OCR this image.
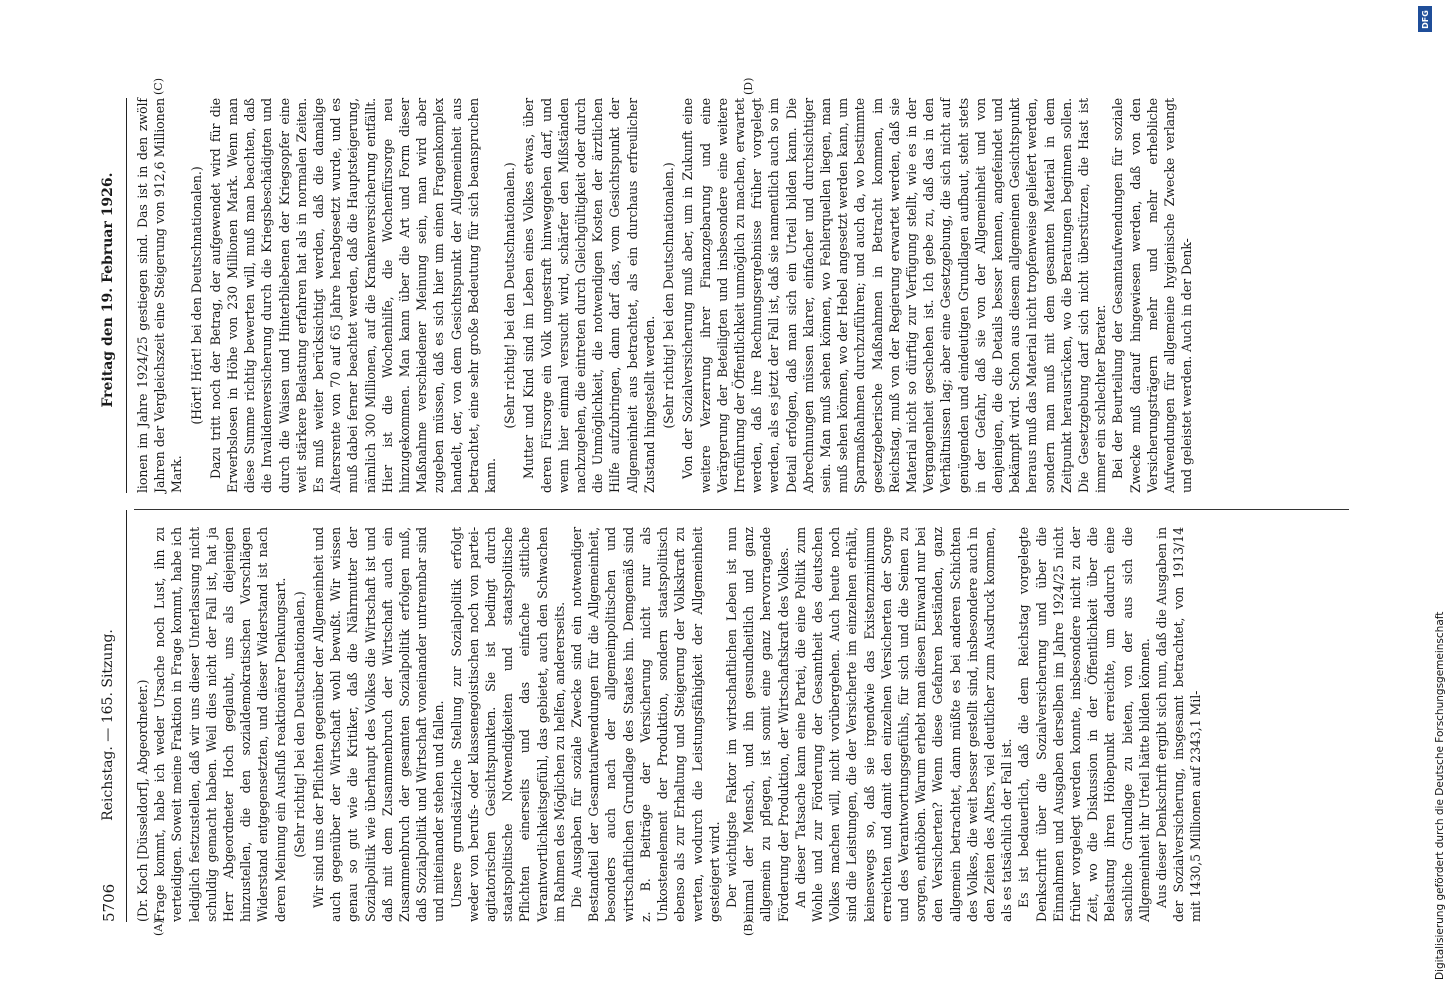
5706
Reichstag. — 165. Sitzung.
Freitag den 19. Februar 1926.
(A)	(B)
(C)	(D)

(Dr. Koch [Düsseldorf], Abgeordneter.) Frage kommt, habe ich weder Ursache noch Lust, ihn zu verteidigen. Soweit meine Fraktion in Frage kommt, habe ich lediglich festzustellen, daß wir uns dieser Unterlassung nicht schuldig gemacht haben. Weil dies nicht der Fall ist, hat ja Herr Abgeordneter Hoch geglaubt, uns als diejenigen hinzustellen, die den sozialdemokratischen Vorschlägen Widerstand entgegensetzten, und dieser Widerstand ist nach deren Meinung ein Ausfluß reaktionärer Denkungsart. (Sehr richtig! bei den Deutschnationalen.) Wir sind uns der Pflichten gegenüber der Allgemeinheit und auch gegenüber der Wirtschaft wohl bewußt. Wir wissen genau so gut wie die Kritiker, daß die Nährmutter der Sozialpolitik wie überhaupt des Volkes die Wirtschaft ist und daß mit dem Zusammenbruch der Wirtschaft auch ein Zusammenbruch der gesamten Sozialpolitik erfolgen muß, daß Sozialpolitik und Wirtschaft voneinander untrennbar sind und miteinander stehen und fallen. Unsere grundsätzliche Stellung zur Sozialpolitik erfolgt weder von berufs- oder klassenegoistischen noch von partei-agitatorischen Gesichtspunkten. Sie ist bedingt durch staatspolitische Notwendigkeiten und staatspolitische Pflichten einerseits und das einfache sittliche Verantwortlichkeitsgefühl, das gebietet, auch den Schwachen im Rahmen des Möglichen zu helfen, andererseits. Die Ausgaben für soziale Zwecke sind ein notwendiger Bestandteil der Gesamtaufwendungen für die Allgemeinheit, besonders auch nach der allgemeinpolitischen und wirtschaftlichen Grundlage des Staates hin. Demgemäß sind z. B. Beiträge der Versicherung nicht nur als Unkostenelement der Produktion, sondern staatspolitisch ebenso als zur Erhaltung und Steigerung der Volkskraft zu werten, wodurch die Leistungsfähigkeit der Allgemeinheit gesteigert wird. Der wichtigste Faktor im wirtschaftlichen Leben ist nun einmal der Mensch, und ihn gesundheitlich und ganz allgemein zu pflegen, ist somit eine ganz hervorragende Förderung der Produktion, der Wirtschaftskraft des Volkes. An dieser Tatsache kann eine Partei, die eine Politik zum Wohle und zur Förderung der Gesamtheit des deutschen Volkes machen will, nicht vorübergehen. Auch heute noch sind die Leistungen, die der Versicherte im einzelnen erhält, keineswegs so, daß sie irgendwie das Existenzminimum erreichten und damit den einzelnen Versicherten der Sorge und des Verantwortungsgefühls, für sich und die Seinen zu sorgen, enthöben. Warum erhebt man diesen Einwand nur bei den Versicherten? Wenn diese Gefahren beständen, ganz allgemein betrachtet, dann müßte es bei anderen Schichten des Volkes, die weit besser gestellt sind, insbesondere auch in den Zeiten des Alters, viel deutlicher zum Ausdruck kommen, als es tatsächlich der Fall ist. Es ist bedauerlich, daß die dem Reichstag vorgelegte Denkschrift über die Sozialversicherung und über die Einnahmen und Ausgaben derselben im Jahre 1924/25 nicht früher vorgelegt werden konnte, insbesondere nicht zu der Zeit, wo die Diskussion in der Öffentlichkeit über die Belastung ihren Höhepunkt erreichte, um dadurch eine sachliche Grundlage zu bieten, von der aus sich die Allgemeinheit ihr Urteil hätte bilden können. Aus dieser Denkschrift ergibt sich nun, daß die Ausgaben in der Sozialversicherung, insgesamt betrachtet, von 1913/14 mit 1430,5 Millionen auf 2343,1 Mil-

lionen im Jahre 1924/25 gestiegen sind. Das ist in den zwölf Jahren der Vergleichszeit eine Steigerung von 912,6 Millionen Mark.

(Hört! Hört! bei den Deutschnationalen.) Dazu tritt noch der Betrag, der aufgewendet wird für die Erwerbslosen in Höhe von 230 Millionen Mark. Wenn man diese Summe richtig bewerten will, muß man beachten, daß die Invalidenversicherung durch die Kriegsbeschädigten und durch die Waisen und Hinterbliebenen der Kriegsopfer eine weit stärkere Belastung erfahren hat als in normalen Zeiten. Es muß weiter berücksichtigt werden, daß die damalige Altersrente von 70 auf 65 Jahre herabgesetzt wurde, und es muß dabei ferner beachtet werden, daß die Hauptsteigerung, nämlich 300 Millionen, auf die Krankenversicherung entfällt. Hier ist die Wochenhilfe, die Wochenfürsorge neu hinzugekommen. Man kann über die Art und Form dieser Maßnahme verschiedener Meinung sein, man wird aber zugeben müssen, daß es sich hier um einen Fragenkomplex handelt, der, von dem Gesichtspunkt der Allgemeinheit aus betrachtet, eine sehr große Bedeutung für sich beanspruchen kann.

(Sehr richtig! bei den Deutschnationalen.) Mutter und Kind sind im Leben eines Volkes etwas, über deren Fürsorge ein Volk ungestraft hinweggehen darf, und wenn hier einmal versucht wird, schärfer den Mißständen nachzugehen, die eintreten durch Gleichgültigkeit oder durch die Unmöglichkeit, die notwendigen Kosten der ärztlichen Hilfe aufzubringen, dann darf das, vom Gesichtspunkt der Allgemeinheit aus betrachtet, als ein durchaus erfreulicher Zustand hingestellt werden. (Sehr richtig! bei den Deutschnationalen.) Von der Sozialversicherung muß aber, um in Zukunft eine weitere Verzerrung ihrer Finanzgebarung und eine Verärgerung der Beteiligten und insbesondere eine weitere Irreführung der Öffentlichkeit unmöglich zu machen, erwartet werden, daß ihre Rechnungsergebnisse früher vorgelegt werden, als es jetzt der Fall ist, daß sie namentlich auch so im Detail erfolgen, daß man sich ein Urteil bilden kann. Die Abrechnungen müssen klarer, einfacher und durchsichtiger sein. Man muß sehen können, wo Fehlerquellen liegen, man muß sehen können, wo der Hebel angesetzt werden kann, um Sparmaßnahmen durchzuführen; und auch da, wo bestimmte gesetzgeberische Maßnahmen in Betracht kommen, im Reichstag, muß von der Regierung erwartet werden, daß sie Material nicht so dürftig zur Verfügung stellt, wie es in der Vergangenheit geschehen ist. Ich gebe zu, daß das in den Verhältnissen lag; aber eine Gesetzgebung, die sich nicht auf genügenden und eindeutigen Grundlagen aufbaut, steht stets in der Gefahr, daß sie von der Allgemeinheit und von denjenigen, die die Details besser kennen, angefeindet und bekämpft wird. Schon aus diesem allgemeinen Gesichtspunkt heraus muß das Material nicht tropfenweise geliefert werden, sondern man muß mit dem gesamten Material in dem Zeitpunkt herausrücken, wo die Beratungen beginnen sollen. Die Gesetzgebung darf sich nicht überstürzen, die Hast ist immer ein schlechter Berater. Bei der Beurteilung der Gesamtaufwendungen für soziale Zwecke muß darauf hingewiesen werden, daß von den Versicherungsträgern mehr und mehr erhebliche Aufwendungen für allgemeine hygienische Zwecke verlangt und geleistet werden. Auch in der Denk-

DFG
Digitalisierung gefördert durch die Deutsche Forschungsgemeinschaft
